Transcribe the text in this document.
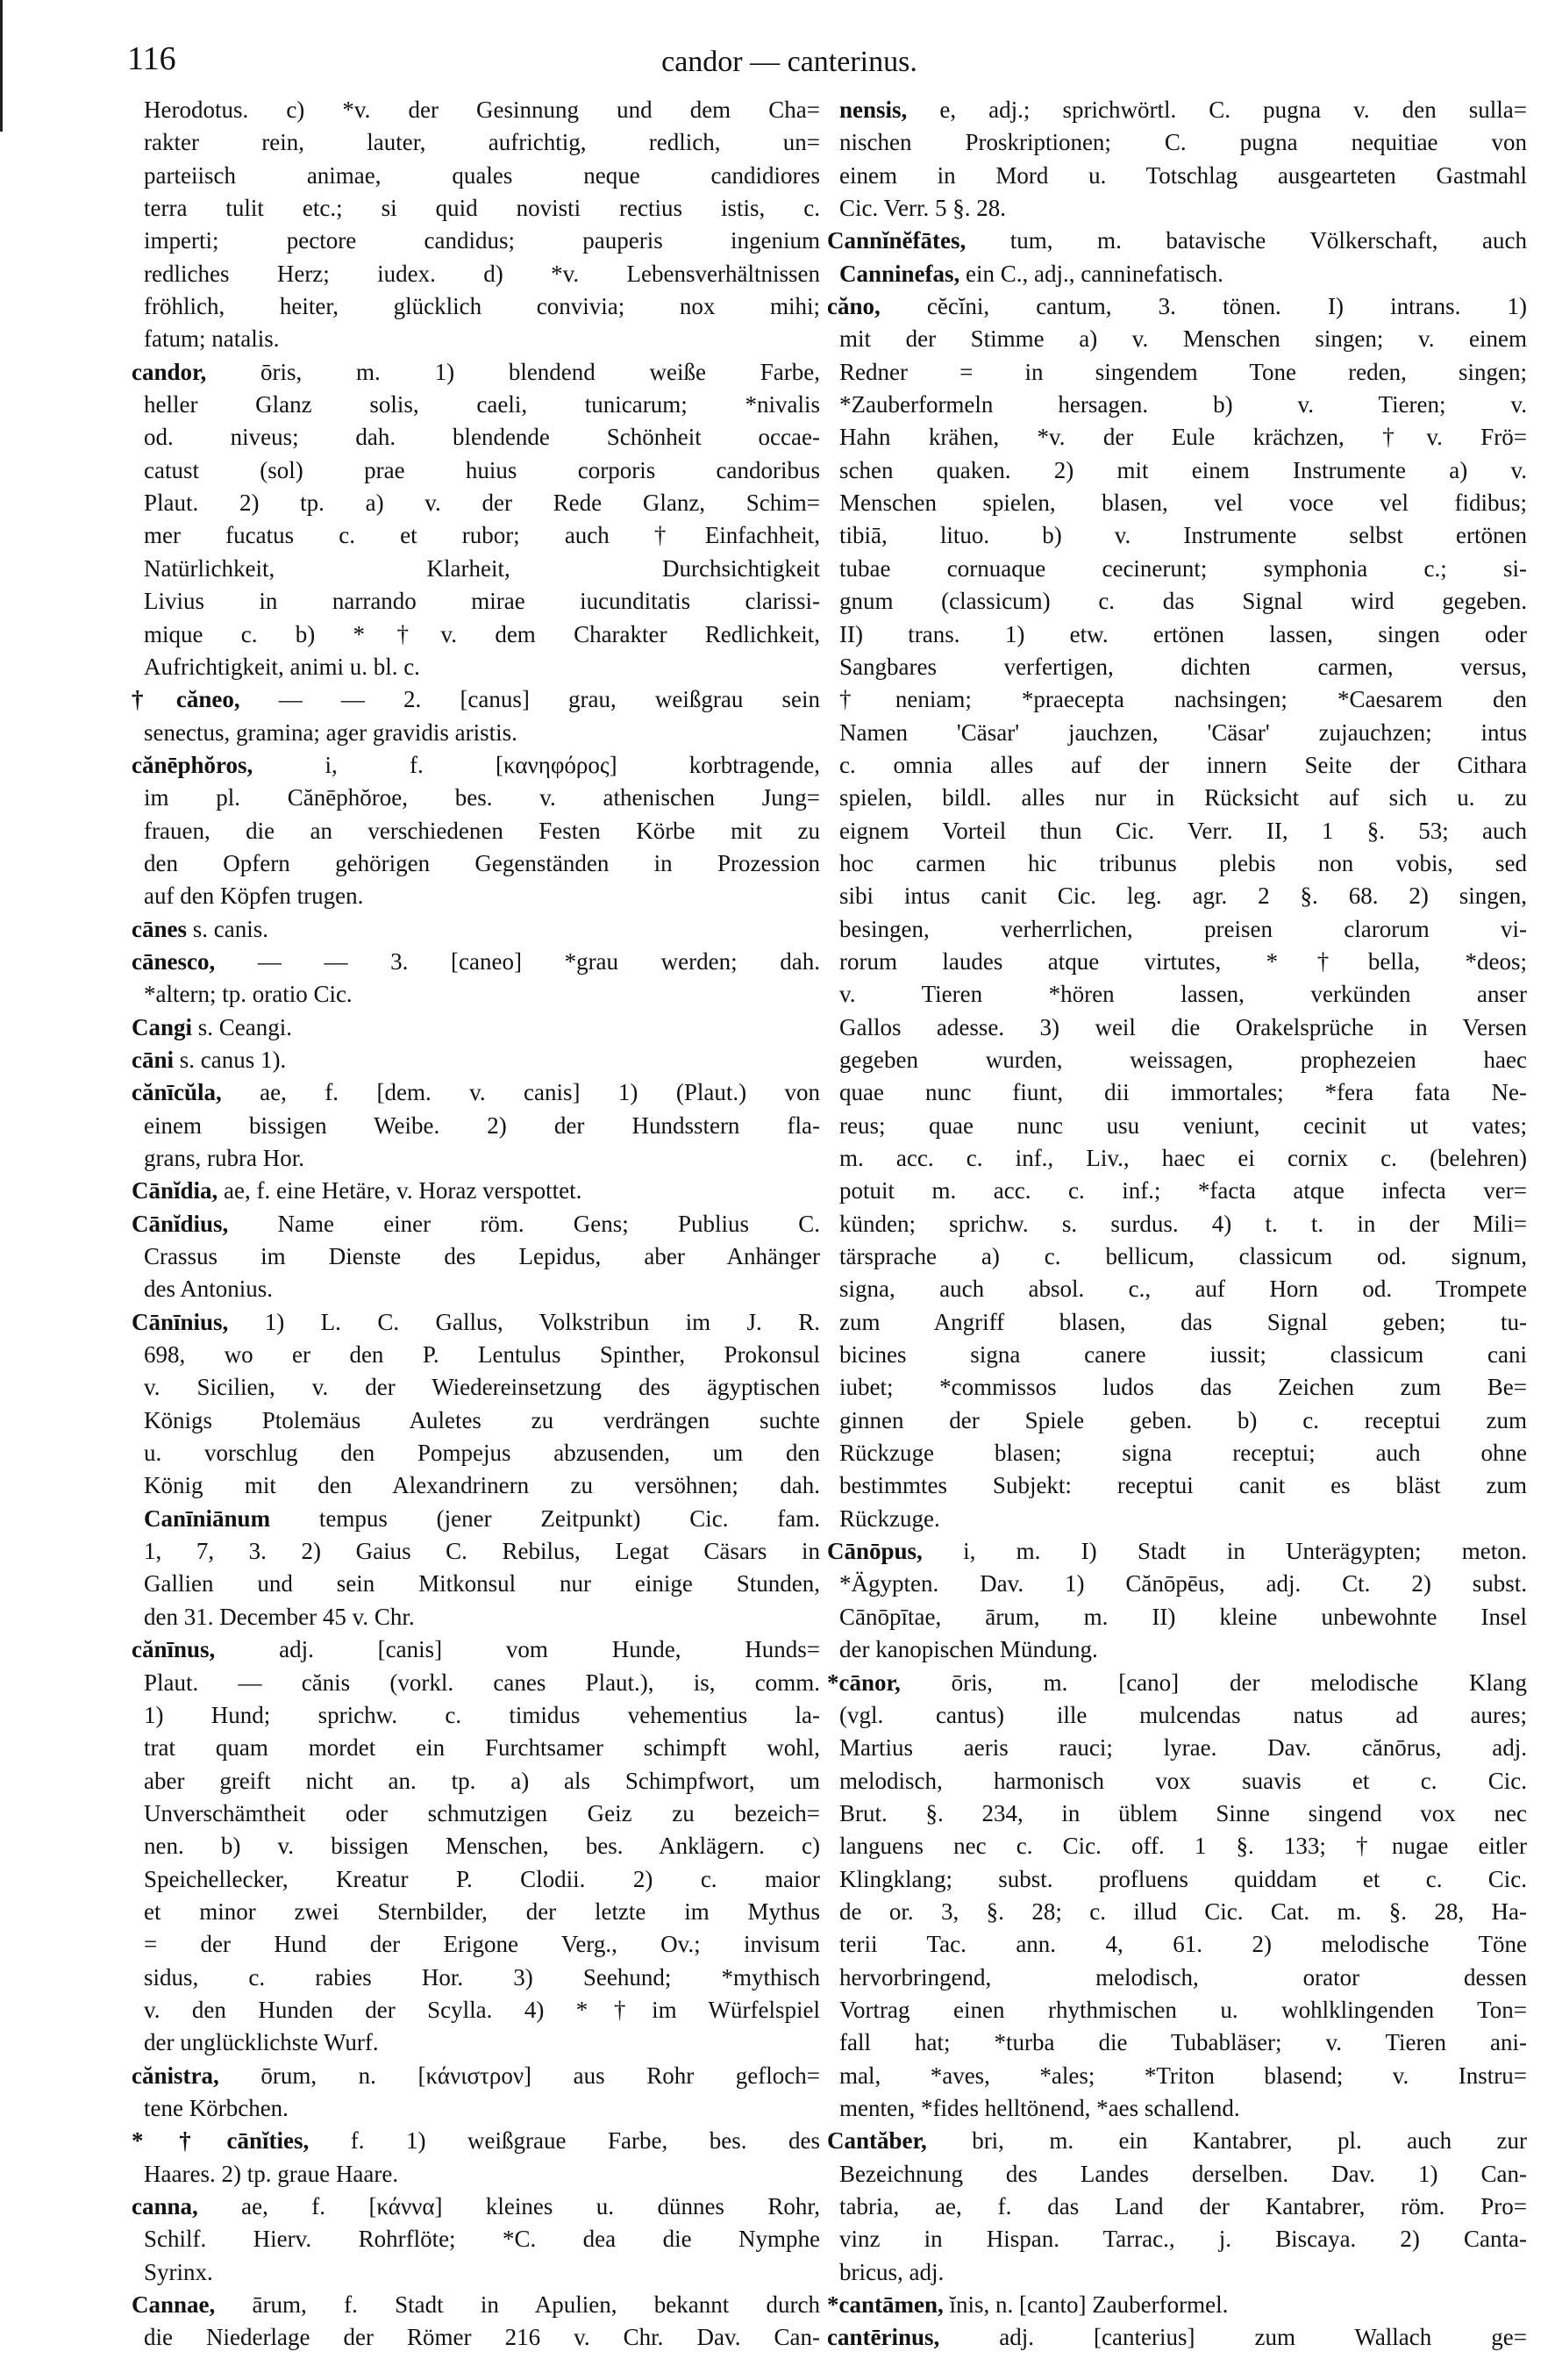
116	candor — canterinus.
Herodotus. c) *v. der Gesinnung und dem Cha=
rakter rein, lauter, aufrichtig, redlich, un=
parteiisch animae, quales neque candidiores
terra tulit etc.; si quid novisti rectius istis, c.
imperti; pectore candidus; pauperis ingenium
redliches Herz; iudex. d) *v. Lebensverhältnissen
fröhlich, heiter, glücklich convivia; nox mihi;
fatum; natalis.
candor, ōris, m. 1) blendend weiße Farbe,
heller Glanz solis, caeli, tunicarum; *nivalis
od. niveus; dah. blendende Schönheit occae-
catust (sol) prae huius corporis candoribus
Plaut. 2) tp. a) v. der Rede Glanz, Schim=
mer fucatus c. et rubor; auch †Einfachheit,
Natürlichkeit, Klarheit, Durchsichtigkeit
Livius in narrando mirae iucunditatis clarissi-
mique c. b) *†v. dem Charakter Redlichkeit,
Aufrichtigkeit, animi u. bl. c.
†căneo, — — 2. [canus] grau, weißgrau sein
senectus, gramina; ager gravidis aristis.
cănēphŏros, i, f. [κανηφόρος] korbtragende,
im pl. Cănēphŏroe, bes. v. athenischen Jung=
frauen, die an verschiedenen Festen Körbe mit zu
den Opfern gehörigen Gegenständen in Prozession
auf den Köpfen trugen.
cānes s. canis.
cānesco, — — 3. [caneo] *grau werden; dah.
*altern; tp. oratio Cic.
Cangi s. Ceangi.
cāni s. canus 1).
cănīcŭla, ae, f. [dem. v. canis] 1) (Plaut.) von
einem bissigen Weibe. 2) der Hundsstern fla-
grans, rubra Hor.
Cānĭdia, ae, f. eine Hetäre, v. Horaz verspottet.
Cānĭdius, Name einer röm. Gens; Publius C.
Crassus im Dienste des Lepidus, aber Anhänger
des Antonius.
Cānīnius, 1) L. C. Gallus, Volkstribun im J. R.
698, wo er den P. Lentulus Spinther, Prokonsul
v. Sicilien, v. der Wiedereinsetzung des ägyptischen
Königs Ptolemäus Auletes zu verdrängen suchte
u. vorschlug den Pompejus abzusenden, um den
König mit den Alexandrinern zu versöhnen; dah.
Canīniānum tempus (jener Zeitpunkt) Cic. fam.
1, 7, 3. 2) Gaius C. Rebilus, Legat Cäsars in
Gallien und sein Mitkonsul nur einige Stunden,
den 31. December 45 v. Chr.
cănīnus, adj. [canis] vom Hunde, Hunds=
Plaut. — cănis (vorkl. canes Plaut.), is, comm.
1) Hund; sprichw. c. timidus vehementius la-
trat quam mordet ein Furchtsamer schimpft wohl,
aber greift nicht an. tp. a) als Schimpfwort, um
Unverschämtheit oder schmutzigen Geiz zu bezeich=
nen. b) v. bissigen Menschen, bes. Anklägern. c)
Speichellecker, Kreatur P. Clodii. 2) c. maior
et minor zwei Sternbilder, der letzte im Mythus
= der Hund der Erigone Verg., Ov.; invisum
sidus, c. rabies Hor. 3) Seehund; *mythisch
v. den Hunden der Scylla. 4) *†im Würfelspiel
der unglücklichste Wurf.
cănistra, ōrum, n. [κάνιστρον] aus Rohr gefloch=
tene Körbchen.
*†cānĭties, f. 1) weißgraue Farbe, bes. des
Haares. 2) tp. graue Haare.
canna, ae, f. [κάννα] kleines u. dünnes Rohr,
Schilf. Hierv. Rohrflöte; *C. dea die Nymphe
Syrinx.
Cannae, ārum, f. Stadt in Apulien, bekannt durch
die Niederlage der Römer 216 v. Chr. Dav. Can-
nensis, e, adj.; sprichwörtl. C. pugna v. den sulla=
nischen Proskriptionen; C. pugna nequitiae von
einem in Mord u. Totschlag ausgearteten Gastmahl
Cic. Verr. 5 §. 28.
Cannĭnĕfātes, tum, m. batavische Völkerschaft, auch
Canninefas, ein C., adj., canninefatisch.
căno, cĕcĭni, cantum, 3. tönen. I) intrans. 1)
mit der Stimme a) v. Menschen singen; v. einem
Redner = in singendem Tone reden, singen;
*Zauberformeln hersagen. b) v. Tieren; v.
Hahn krähen, *v. der Eule krächzen, †v. Frö=
schen quaken. 2) mit einem Instrumente a) v.
Menschen spielen, blasen, vel voce vel fidibus;
tibiā, lituo. b) v. Instrumente selbst ertönen
tubae cornuaque cecinerunt; symphonia c.; si-
gnum (classicum) c. das Signal wird gegeben.
II) trans. 1) etw. ertönen lassen, singen oder
Sangbares verfertigen, dichten carmen, versus,
†neniam; *praecepta nachsingen; *Caesarem den
Namen 'Cäsar' jauchzen, 'Cäsar' zujauchzen; intus
c. omnia alles auf der innern Seite der Cithara
spielen, bildl. alles nur in Rücksicht auf sich u. zu
eignem Vorteil thun Cic. Verr. II, 1 §. 53; auch
hoc carmen hic tribunus plebis non vobis, sed
sibi intus canit Cic. leg. agr. 2 §. 68. 2) singen,
besingen, verherrlichen, preisen clarorum vi-
rorum laudes atque virtutes, *†bella, *deos;
v. Tieren *hören lassen, verkünden anser
Gallos adesse. 3) weil die Orakelsprüche in Versen
gegeben wurden, weissagen, prophezeien haec
quae nunc fiunt, dii immortales; *fera fata Ne-
reus; quae nunc usu veniunt, cecinit ut vates;
m. acc. c. inf., Liv., haec ei cornix c. (belehren)
potuit m. acc. c. inf.; *facta atque infecta ver=
künden; sprichw. s. surdus. 4) t. t. in der Mili=
tärsprache a) c. bellicum, classicum od. signum,
signa, auch absol. c., auf Horn od. Trompete
zum Angriff blasen, das Signal geben; tu-
bicines signa canere iussit; classicum cani
iubet; *commissos ludos das Zeichen zum Be=
ginnen der Spiele geben. b) c. receptui zum
Rückzuge blasen; signa receptui; auch ohne
bestimmtes Subjekt: receptui canit es bläst zum
Rückzuge.
Cānōpus, i, m. I) Stadt in Unterägypten; meton.
*Ägypten. Dav. 1) Cănōpēus, adj. Ct. 2) subst.
Cānōpītae, ārum, m. II) kleine unbewohnte Insel
der kanopischen Mündung.
*cānor, ōris, m. [cano] der melodische Klang
(vgl. cantus) ille mulcendas natus ad aures;
Martius aeris rauci; lyrae. Dav. cănōrus, adj.
melodisch, harmonisch vox suavis et c. Cic.
Brut. §. 234, in üblem Sinne singend vox nec
languens nec c. Cic. off. 1 §. 133; †nugae eitler
Klingklang; subst. profluens quiddam et c. Cic.
de or. 3, §. 28; c. illud Cic. Cat. m. §. 28, Ha-
terii Tac. ann. 4, 61. 2) melodische Töne
hervorbringend, melodisch, orator dessen
Vortrag einen rhythmischen u. wohlklingenden Ton=
fall hat; *turba die Tubabläser; v. Tieren ani-
mal, *aves, *ales; *Triton blasend; v. Instru=
menten, *fides helltönend, *aes schallend.
Cantăber, bri, m. ein Kantabrer, pl. auch zur
Bezeichnung des Landes derselben. Dav. 1) Can-
tabria, ae, f. das Land der Kantabrer, röm. Pro=
vinz in Hispan. Tarrac., j. Biscaya. 2) Canta-
bricus, adj.
*cantāmen, ĭnis, n. [canto] Zauberformel.
cantērinus, adj. [canterius] zum Wallach ge=
